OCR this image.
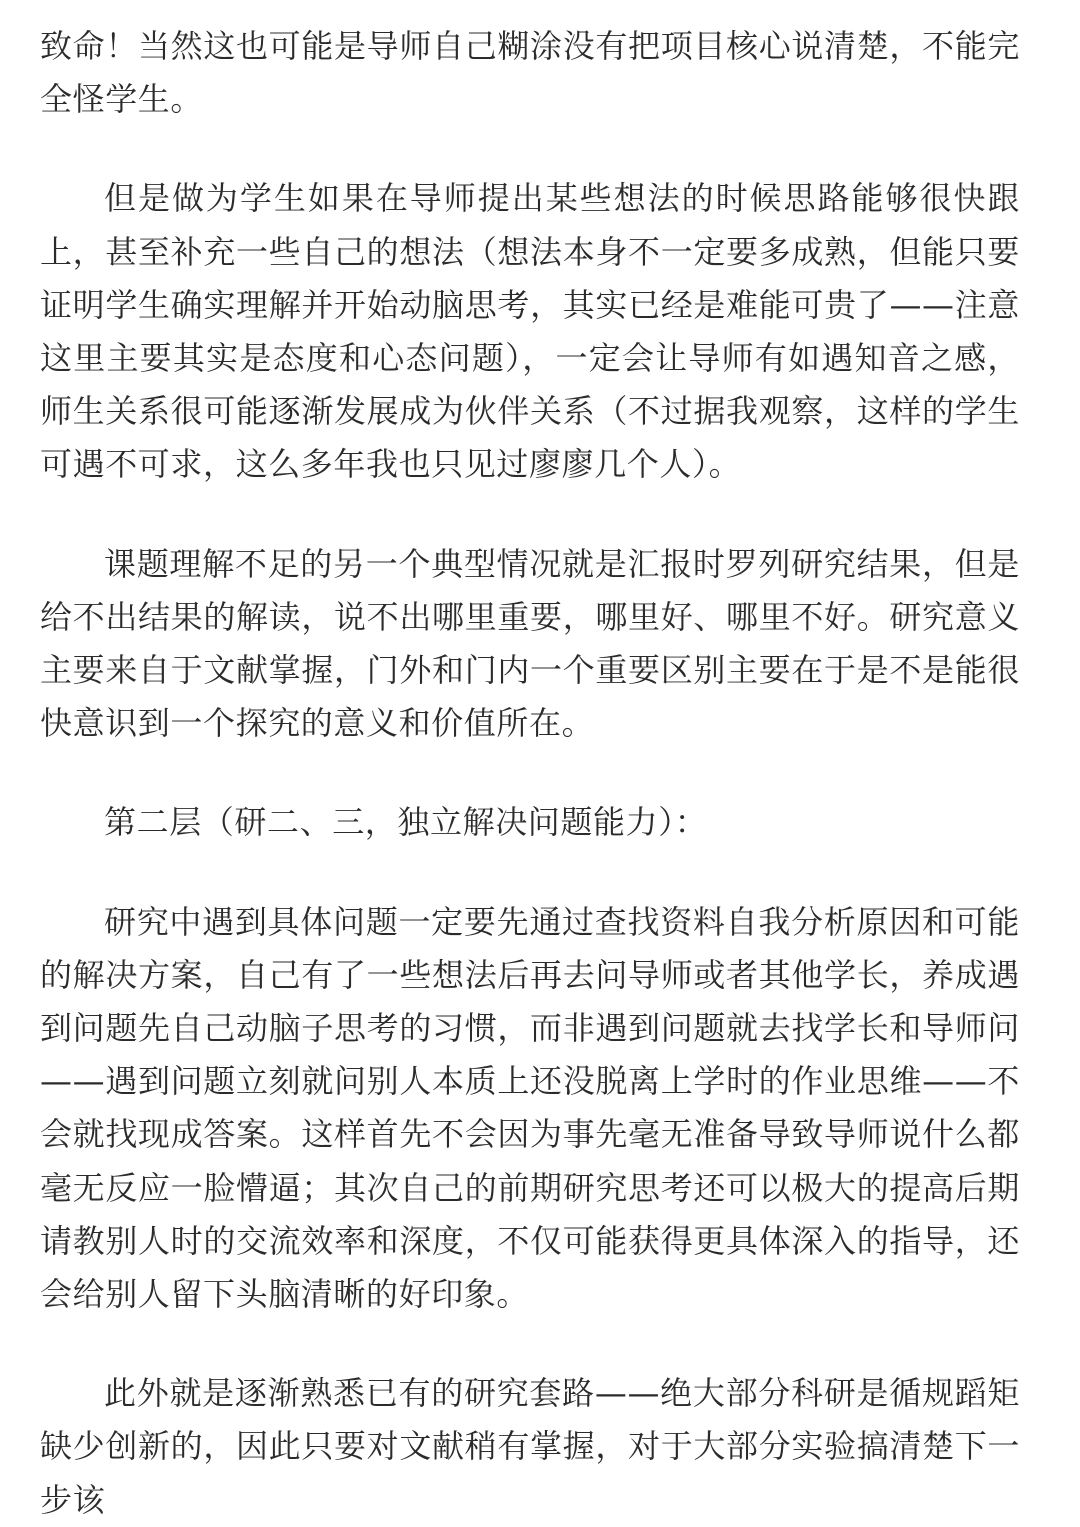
致命！当然这也可能是导师自己糊涂没有把项目核心说清楚，不能完全怪学生。

但是做为学生如果在导师提出某些想法的时候思路能够很快跟上，甚至补充一些自己的想法（想法本身不一定要多成熟，但能只要证明学生确实理解并开始动脑思考，其实已经是难能可贵了——注意这里主要其实是态度和心态问题），一定会让导师有如遇知音之感，师生关系很可能逐渐发展成为伙伴关系（不过据我观察，这样的学生可遇不可求，这么多年我也只见过廖廖几个人）。

课题理解不足的另一个典型情况就是汇报时罗列研究结果，但是给不出结果的解读，说不出哪里重要，哪里好、哪里不好。研究意义主要来自于文献掌握，门外和门内一个重要区别主要在于是不是能很快意识到一个探究的意义和价值所在。

第二层（研二、三，独立解决问题能力）：

研究中遇到具体问题一定要先通过查找资料自我分析原因和可能的解决方案，自己有了一些想法后再去问导师或者其他学长，养成遇到问题先自己动脑子思考的习惯，而非遇到问题就去找学长和导师问——遇到问题立刻就问别人本质上还没脱离上学时的作业思维——不会就找现成答案。这样首先不会因为事先毫无准备导致导师说什么都毫无反应一脸懵逼；其次自己的前期研究思考还可以极大的提高后期请教别人时的交流效率和深度，不仅可能获得更具体深入的指导，还会给别人留下头脑清晰的好印象。

此外就是逐渐熟悉已有的研究套路——绝大部分科研是循规蹈矩缺少创新的，因此只要对文献稍有掌握，对于大部分实验搞清楚下一步该
